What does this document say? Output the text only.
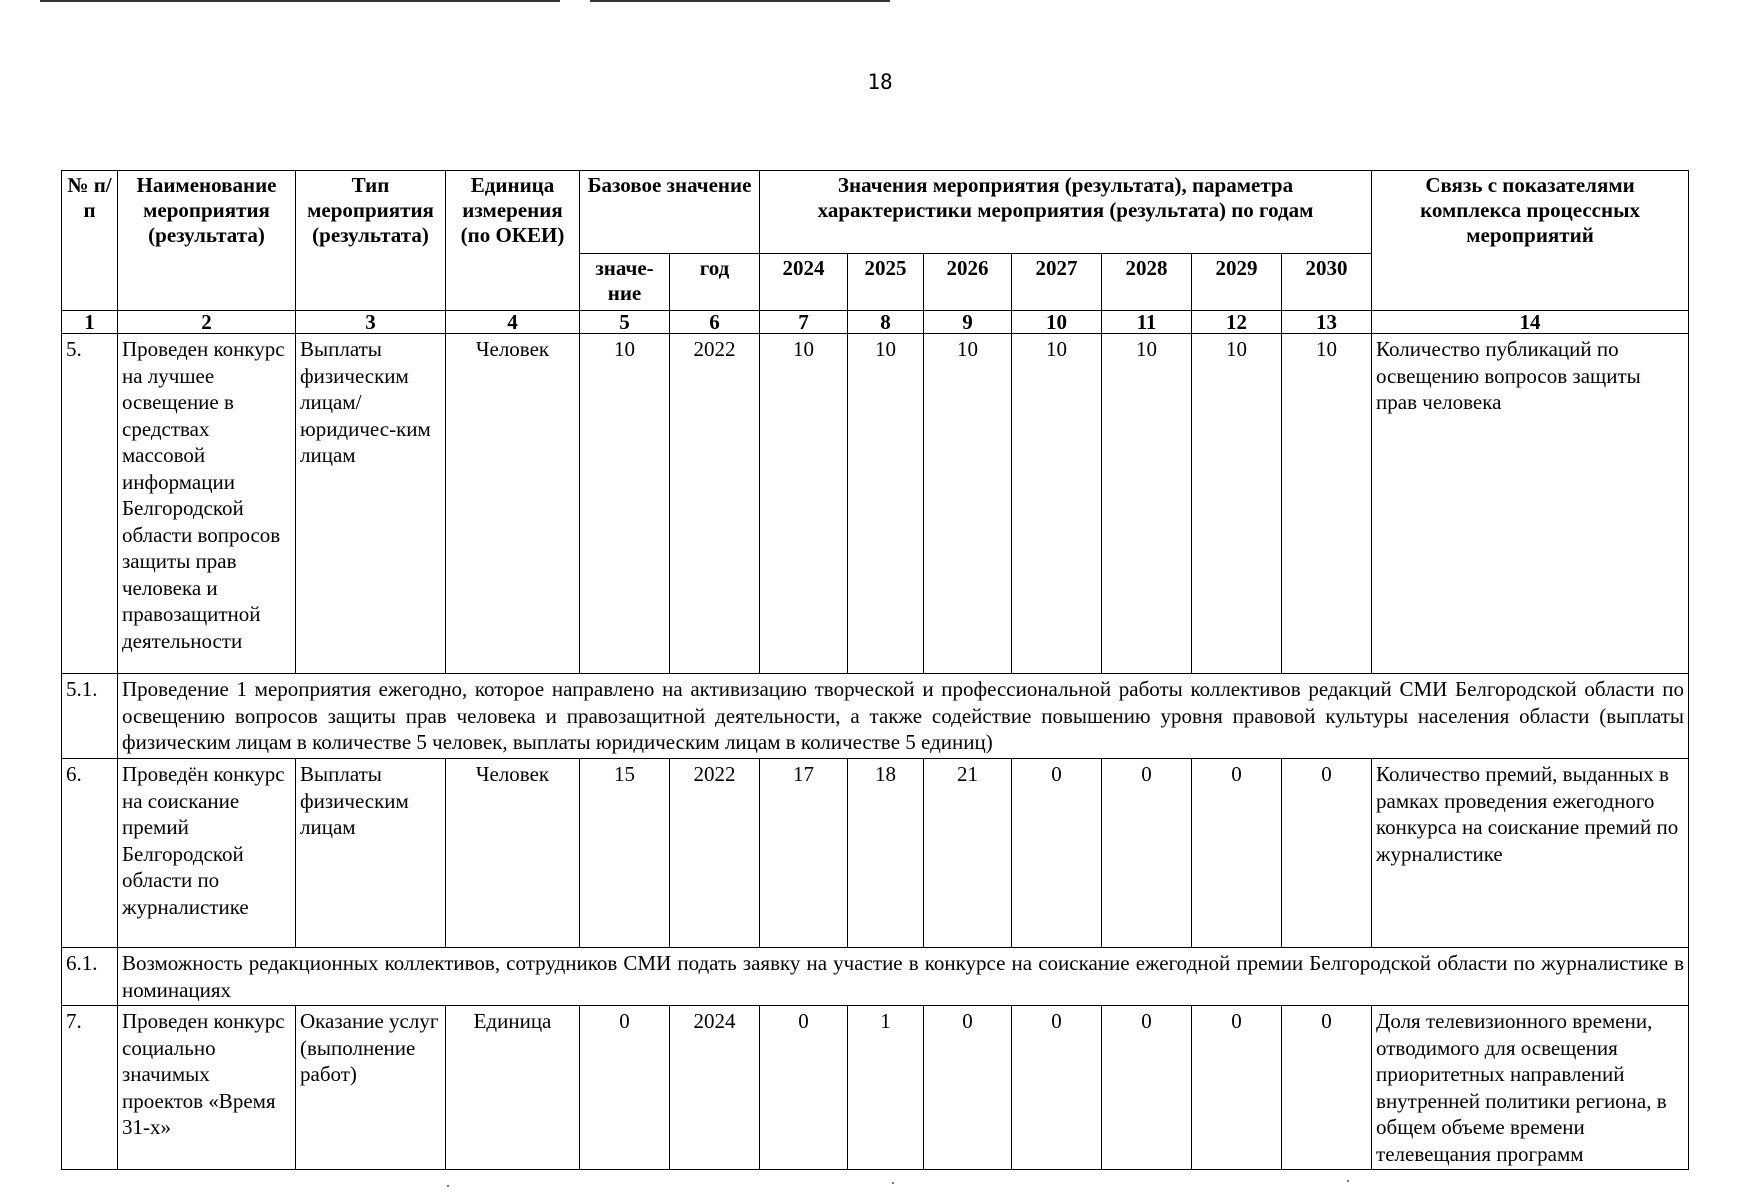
18
№ п/п	Наименование мероприятия (результата)	Тип мероприятия (результата)	Единица измерения (по ОКЕИ)	Базовое значение		Значения мероприятия (результата), параметра характеристики мероприятия (результата) по годам							Связь с показателями комплекса процессных мероприятий
				значе-ние	год	2024	2025	2026	2027	2028	2029	2030	
1	2	3	4	5	6	7	8	9	10	11	12	13	14
5.	Проведен конкурс на лучшее освещение в средствах массовой информации Белгородской области вопросов защиты прав человека и правозащитной деятельности	Выплаты физическим лицам/ юридичес-ким лицам	Человек	10	2022	10	10	10	10	10	10	10	Количество публикаций по освещению вопросов защиты прав человека
5.1.	Проведение 1 мероприятия ежегодно, которое направлено на активизацию творческой и профессиональной работы коллективов редакций СМИ Белгородской области по освещению вопросов защиты прав человека и правозащитной деятельности, а также содействие повышению уровня правовой культуры населения области (выплаты физическим лицам в количестве 5 человек, выплаты юридическим лицам в количестве 5 единиц)												
6.	Проведён конкурс на соискание премий Белгородской области по журналистике	Выплаты физическим лицам	Человек	15	2022	17	18	21	0	0	0	0	Количество премий, выданных в рамках проведения ежегодного конкурса на соискание премий по журналистике
6.1.	Возможность редакционных коллективов, сотрудников СМИ подать заявку на участие в конкурсе на соискание ежегодной премии Белгородской области по журналистике в номинациях												
7.	Проведен конкурс социально значимых проектов «Время 31-х»	Оказание услуг (выполнение работ)	Единица	0	2024	0	1	0	0	0	0	0	Доля телевизионного времени, отводимого для освещения приоритетных направлений внутренней политики региона, в общем объеме времени телевещания программ
